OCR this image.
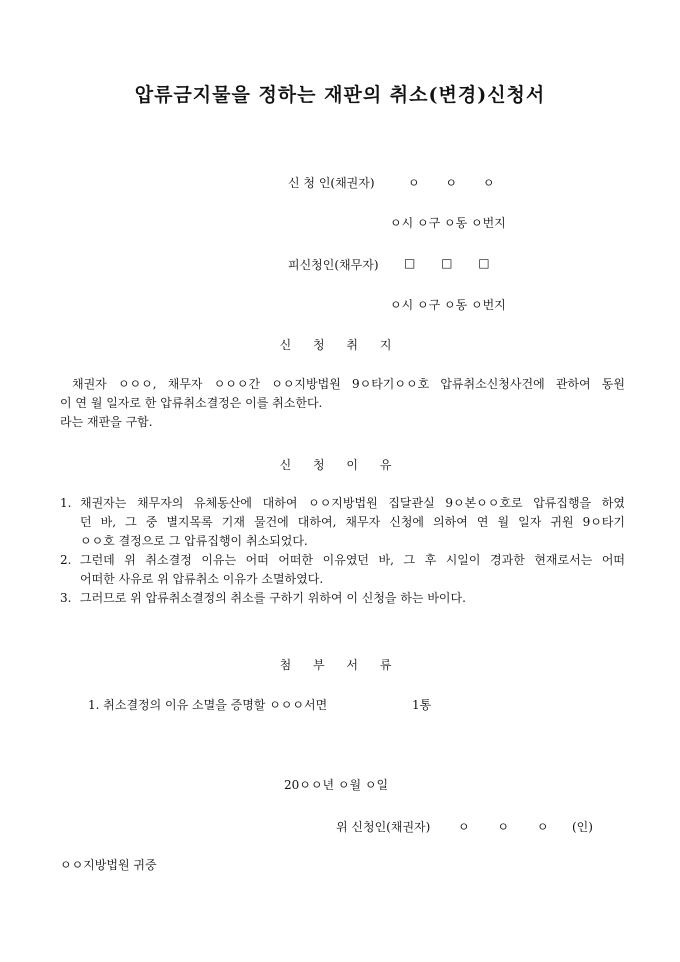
압류금지물을 정하는 재판의 취소(변경)신청서
신 청 인(채권자)	ㅇ ㅇ ㅇ
ㅇ시 ㅇ구 ㅇ동 ㅇ번지
피신청인(채무자) □ □ □
ㅇ시 ㅇ구 ㅇ동 ㅇ번지
신 청 취 지
채권자 ㅇㅇㅇ, 채무자 ㅇㅇㅇ간 ㅇㅇ지방법원 9ㅇ타기ㅇㅇ호 압류취소신청사건에 관하여 동원
이 연 월 일자로 한 압류취소결정은 이를 취소한다.
라는 재판을 구함.
신 청 이 유
1. 채권자는 채무자의 유체동산에 대하여 ㅇㅇ지방법원 집달관실 9ㅇ본ㅇㅇ호로 압류집행을 하였
던 바, 그 중 별지목록 기재 물건에 대하여, 채무자 신청에 의하여 연 월 일자 귀원 9ㅇ타기
ㅇㅇ호 결정으로 그 압류집행이 취소되었다.
2. 그런데 위 취소결정 이유는 어떠 어떠한 이유였던 바, 그 후 시일이 경과한 현재로서는 어떠
어떠한 사유로 위 압류취소 이유가 소멸하였다.
3. 그러므로 위 압류취소결정의 취소를 구하기 위하여 이 신청을 하는 바이다.
첨 부 서 류
1. 취소결정의 이유 소멸을 증명할 ㅇㅇㅇ서면	1통
20ㅇㅇ년 ㅇ월 ㅇ일
위 신청인(채권자) ㅇ ㅇ ㅇ (인)
ㅇㅇ지방법원 귀중
